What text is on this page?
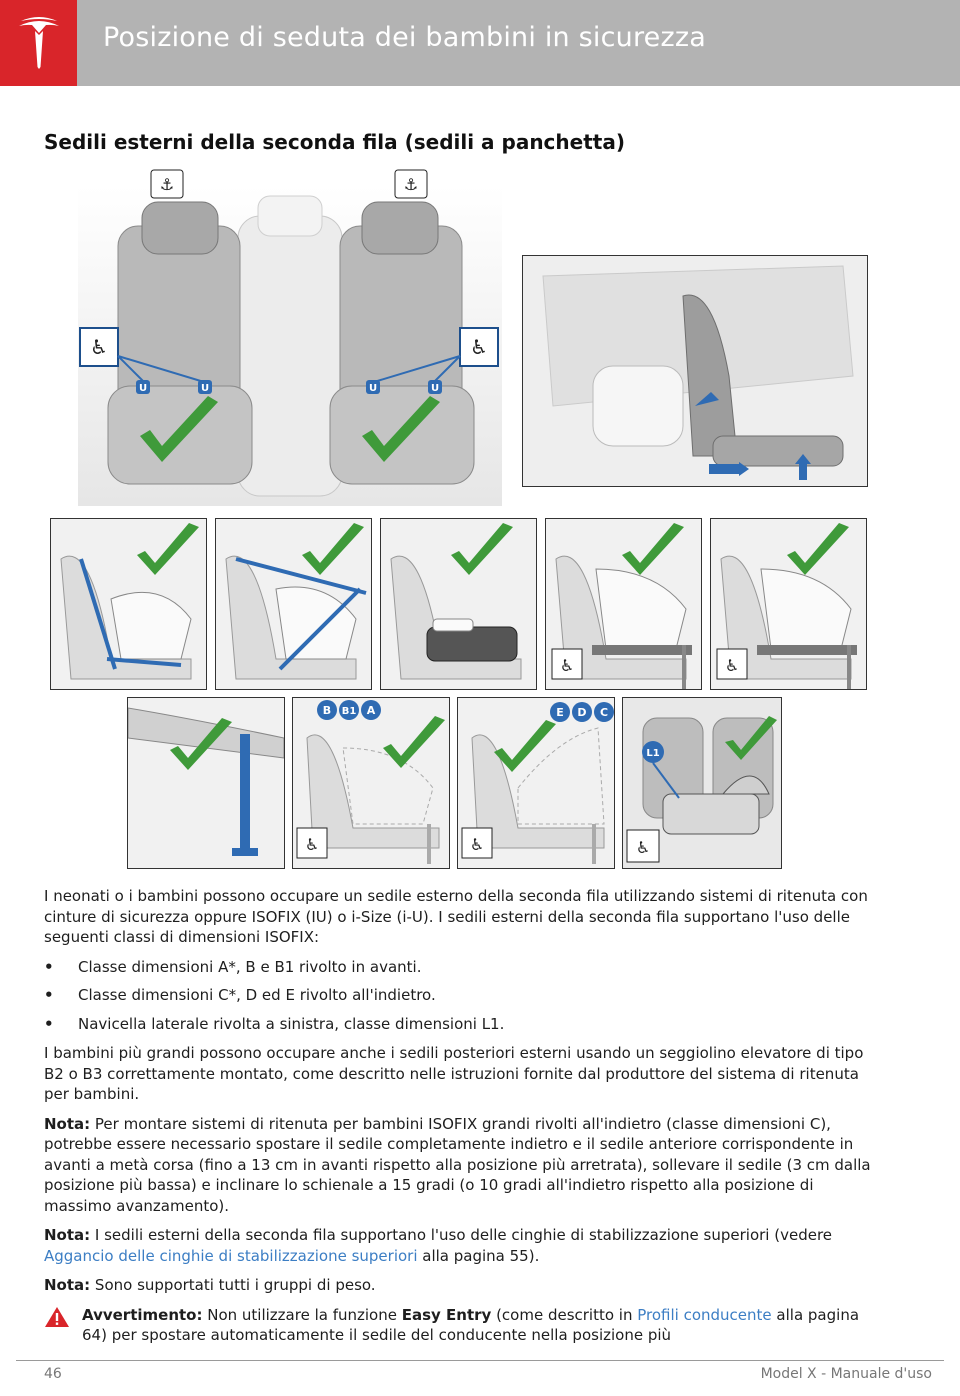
Posizione di seduta dei bambini in sicurezza
Sedili esterni della seconda fila (sedili a panchetta)
⚓	⚓
♿	♿
U	U	U	U
♿	♿
B B1 A
♿
E D C
♿
L1
♿

I neonati o i bambini possono occupare un sedile esterno della seconda fila utilizzando sistemi di ritenuta con cinture di sicurezza oppure ISOFIX (IU) o i-Size (i-U). I sedili esterni della seconda fila supportano l'uso delle seguenti classi di dimensioni ISOFIX:

• Classe dimensioni A*, B e B1 rivolto in avanti.
• Classe dimensioni C*, D ed E rivolto all'indietro.
• Navicella laterale rivolta a sinistra, classe dimensioni L1.

I bambini più grandi possono occupare anche i sedili posteriori esterni usando un seggiolino elevatore di tipo B2 o B3 correttamente montato, come descritto nelle istruzioni fornite dal produttore del sistema di ritenuta per bambini.

Nota: Per montare sistemi di ritenuta per bambini ISOFIX grandi rivolti all'indietro (classe dimensioni C), potrebbe essere necessario spostare il sedile completamente indietro e il sedile anteriore corrispondente in avanti a metà corsa (fino a 13 cm in avanti rispetto alla posizione più arretrata), sollevare il sedile (3 cm dalla posizione più bassa) e inclinare lo schienale a 15 gradi (o 10 gradi all'indietro rispetto alla posizione di massimo avanzamento).

Nota: I sedili esterni della seconda fila supportano l'uso delle cinghie di stabilizzazione superiori (vedere Aggancio delle cinghie di stabilizzazione superiori alla pagina 55).

Nota: Sono supportati tutti i gruppi di peso.

Avvertimento: Non utilizzare la funzione Easy Entry (come descritto in Profili conducente alla pagina 64) per spostare automaticamente il sedile del conducente nella posizione più
46	Model X - Manuale d'uso
